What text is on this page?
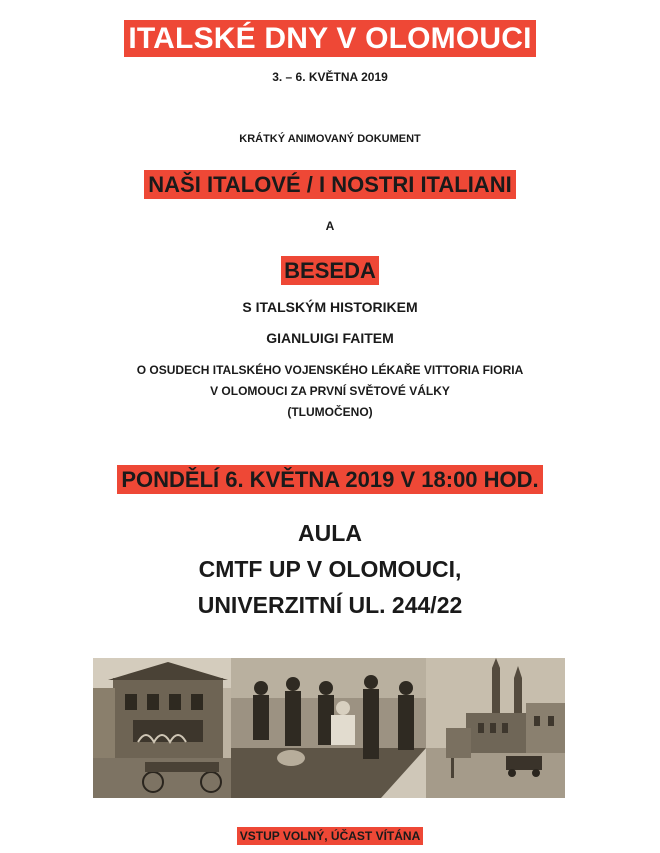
ITALSKÉ DNY V OLOMOUCI
3. – 6. KVĚTNA 2019
KRÁTKÝ ANIMOVANÝ DOKUMENT
NAŠI ITALOVÉ / I NOSTRI ITALIANI
A
BESEDA
S ITALSKÝM HISTORIKEM
GIANLUIGI FAITEM
O OSUDECH ITALSKÉHO VOJENSKÉHO LÉKAŘE VITTORIA FIORIA
V OLOMOUCI ZA PRVNÍ SVĚTOVÉ VÁLKY
(TLUMOČENO)
PONDĚLÍ 6. KVĚTNA 2019 V 18:00 HOD.
AULA
CMTF UP V OLOMOUCI,
UNIVERZITNÍ UL. 244/22
VSTUP VOLNÝ, ÚČAST VÍTÁNA
